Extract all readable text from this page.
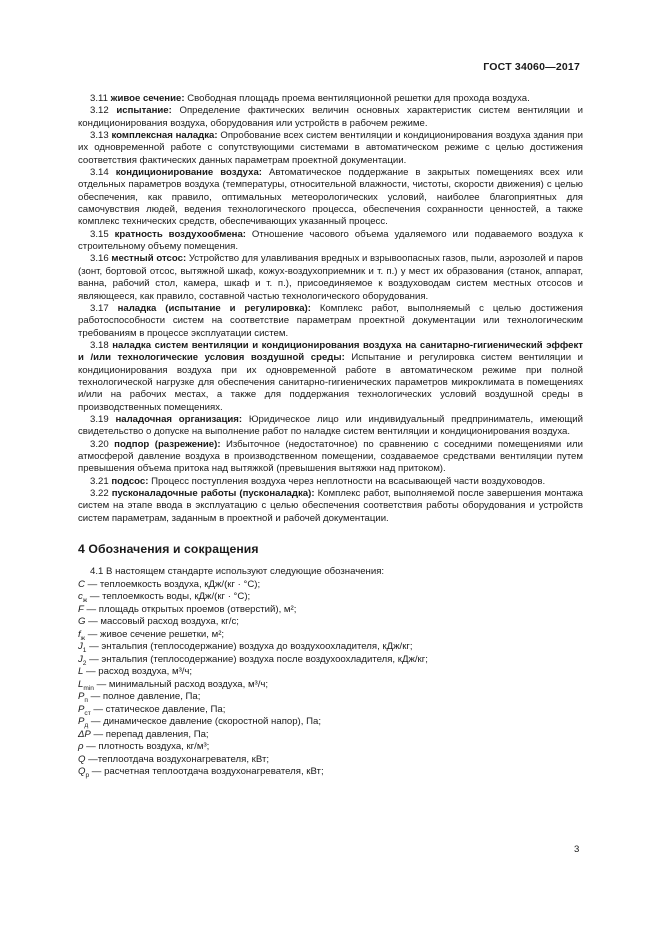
ГОСТ 34060—2017

3.11 живое сечение: Свободная площадь проема вентиляционной решетки для прохода воздуха.

3.12 испытание: Определение фактических величин основных характеристик систем вентиляции и кондиционирования воздуха, оборудования или устройств в рабочем режиме.

3.13 комплексная наладка: Опробование всех систем вентиляции и кондиционирования воздуха здания при их одновременной работе с сопутствующими системами в автоматическом режиме с целью достижения соответствия фактических данных параметрам проектной документации.

3.14 кондиционирование воздуха: Автоматическое поддержание в закрытых помещениях всех или отдельных параметров воздуха (температуры, относительной влажности, чистоты, скорости движения) с целью обеспечения, как правило, оптимальных метеорологических условий, наиболее благоприятных для самочувствия людей, ведения технологического процесса, обеспечения сохранности ценностей, а также комплекс технических средств, обеспечивающих указанный процесс.

3.15 кратность воздухообмена: Отношение часового объема удаляемого или подаваемого воздуха к строительному объему помещения.

3.16 местный отсос: Устройство для улавливания вредных и взрывоопасных газов, пыли, аэрозолей и паров (зонт, бортовой отсос, вытяжной шкаф, кожух-воздухоприемник и т. п.) у мест их образования (станок, аппарат, ванна, рабочий стол, камера, шкаф и т. п.), присоединяемое к воздуховодам систем местных отсосов и являющееся, как правило, составной частью технологического оборудования.

3.17 наладка (испытание и регулировка): Комплекс работ, выполняемый с целью достижения работоспособности систем на соответствие параметрам проектной документации или технологическим требованиям в процессе эксплуатации систем.

3.18 наладка систем вентиляции и кондиционирования воздуха на санитарно-гигиенический эффект и /или технологические условия воздушной среды: Испытание и регулировка систем вентиляции и кондиционирования воздуха при их одновременной работе в автоматическом режиме при полной технологической нагрузке для обеспечения санитарно-гигиенических параметров микроклимата в помещениях и/или на рабочих местах, а также для поддержания технологических условий воздушной среды в производственных помещениях.

3.19 наладочная организация: Юридическое лицо или индивидуальный предприниматель, имеющий свидетельство о допуске на выполнение работ по наладке систем вентиляции и кондиционирования воздуха.

3.20 подпор (разрежение): Избыточное (недостаточное) по сравнению с соседними помещениями или атмосферой давление воздуха в производственном помещении, создаваемое средствами вентиляции путем превышения объема притока над вытяжкой (превышения вытяжки над притоком).

3.21 подсос: Процесс поступления воздуха через неплотности на всасывающей части воздуховодов.

3.22 пусконаладочные работы (пусконаладка): Комплекс работ, выполняемой после завершения монтажа систем на этапе ввода в эксплуатацию с целью обеспечения соответствия работы оборудования и устройств систем параметрам, заданным в проектной и рабочей документации.

4 Обозначения и сокращения

4.1 В настоящем стандарте используют следующие обозначения:

C — теплоемкость воздуха, кДж/(кг · °С);

$c_ж$ — теплоемкость воды, кДж/(кг · °С);

F — площадь открытых проемов (отверстий), м²;

G — массовый расход воздуха, кг/с;

$f_ж$ — живое сечение решетки, м²;

$J_1$ — энтальпия (теплосодержание) воздуха до воздухоохладителя, кДж/кг;

$J_2$ — энтальпия (теплосодержание) воздуха после воздухоохладителя, кДж/кг;

L — расход воздуха, м³/ч;

$L_{min}$ — минимальный расход воздуха, м³/ч;

$P_п$ — полное давление, Па;

$P_{ст}$ — статическое давление, Па;

$P_д$ — динамическое давление (скоростной напор), Па;

ΔP — перепад давления, Па;

ρ — плотность воздуха, кг/м³;

Q —теплоотдача воздухонагревателя, кВт;

$Q_р$ — расчетная теплоотдача воздухонагревателя, кВт;

3
